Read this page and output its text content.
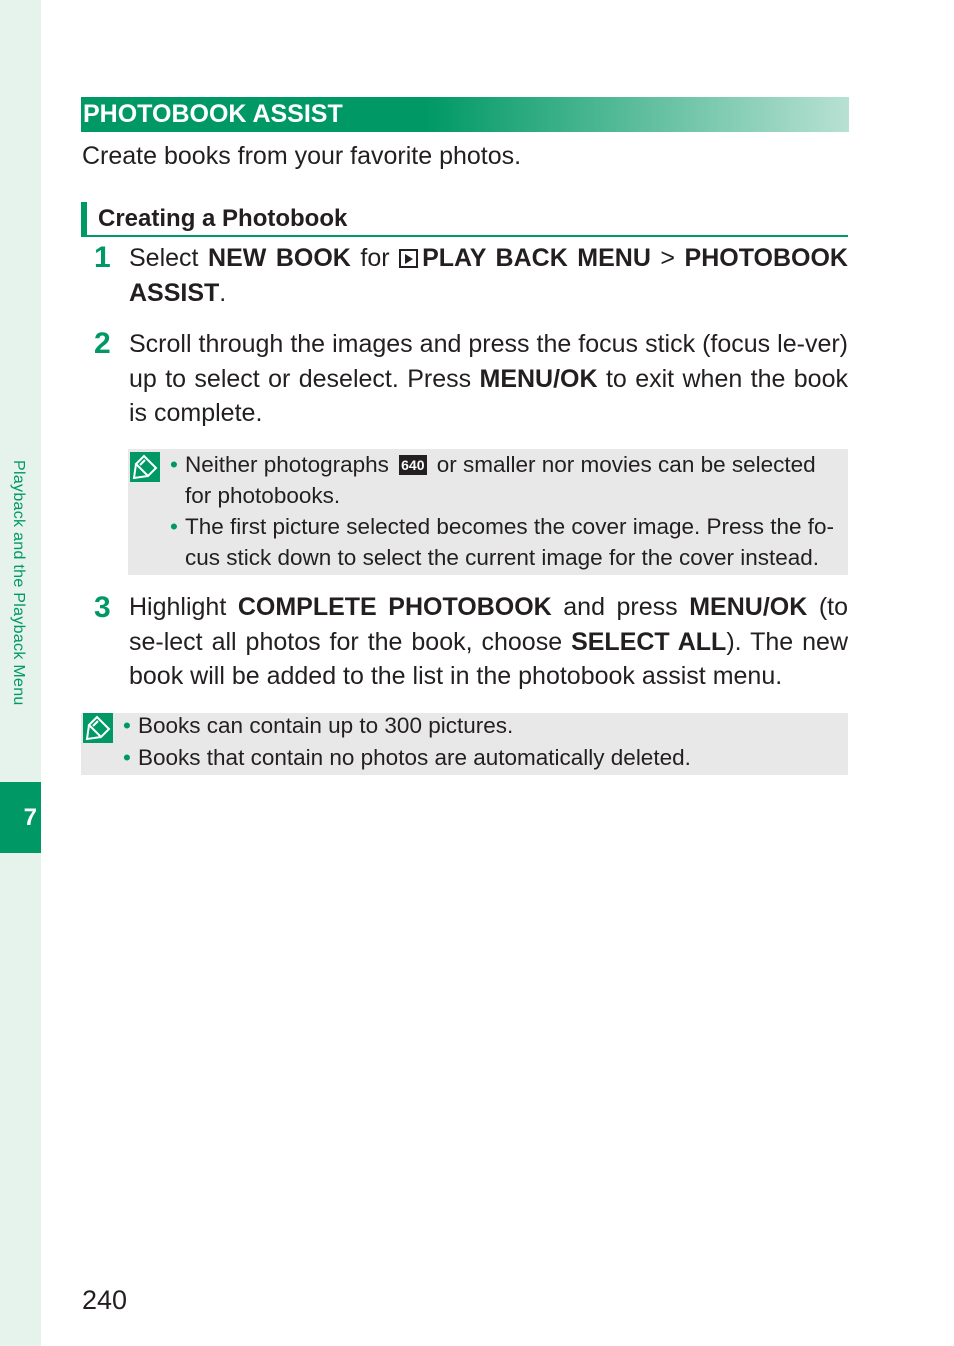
Playback and the Playback Menu
7
PHOTOBOOK ASSIST
Create books from your favorite photos.
Creating a Photobook
1 Select NEW BOOK for PLAY BACK MENU > PHOTOBOOK ASSIST.
2 Scroll through the images and press the focus stick (focus le-ver) up to select or deselect. Press MENU/OK to exit when the book is complete.
• Neither photographs 640 or smaller nor movies can be selected for photobooks.
• The first picture selected becomes the cover image. Press the fo-cus stick down to select the current image for the cover instead.
3 Highlight COMPLETE PHOTOBOOK and press MENU/OK (to se-lect all photos for the book, choose SELECT ALL). The new book will be added to the list in the photobook assist menu.
• Books can contain up to 300 pictures.
• Books that contain no photos are automatically deleted.
240
